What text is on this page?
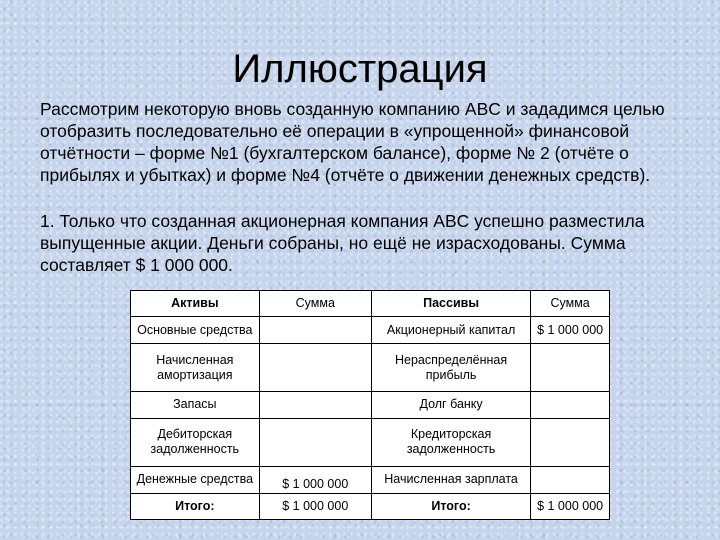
Иллюстрация

Рассмотрим некоторую вновь созданную компанию ABC и зададимся целью отобразить последовательно её операции в «упрощенной» финансовой отчётности – форме №1 (бухгалтерском балансе), форме № 2 (отчёте о прибылях и убытках) и форме №4 (отчёте о движении денежных средств).

1. Только что созданная акционерная компания ABC успешно разместила выпущенные акции. Деньги собраны, но ещё не израсходованы. Сумма составляет $ 1 000 000.

Активы	Сумма	Пассивы	Сумма
Основные средства		Акционерный капитал	$ 1 000 000
Начисленная амортизация		Нераспределённая прибыль	
Запасы		Долг банку	
Дебиторская задолженность		Кредиторская задолженность	
Денежные средства	$ 1 000 000	Начисленная зарплата	
Итого:	$ 1 000 000	Итого:	$ 1 000 000
